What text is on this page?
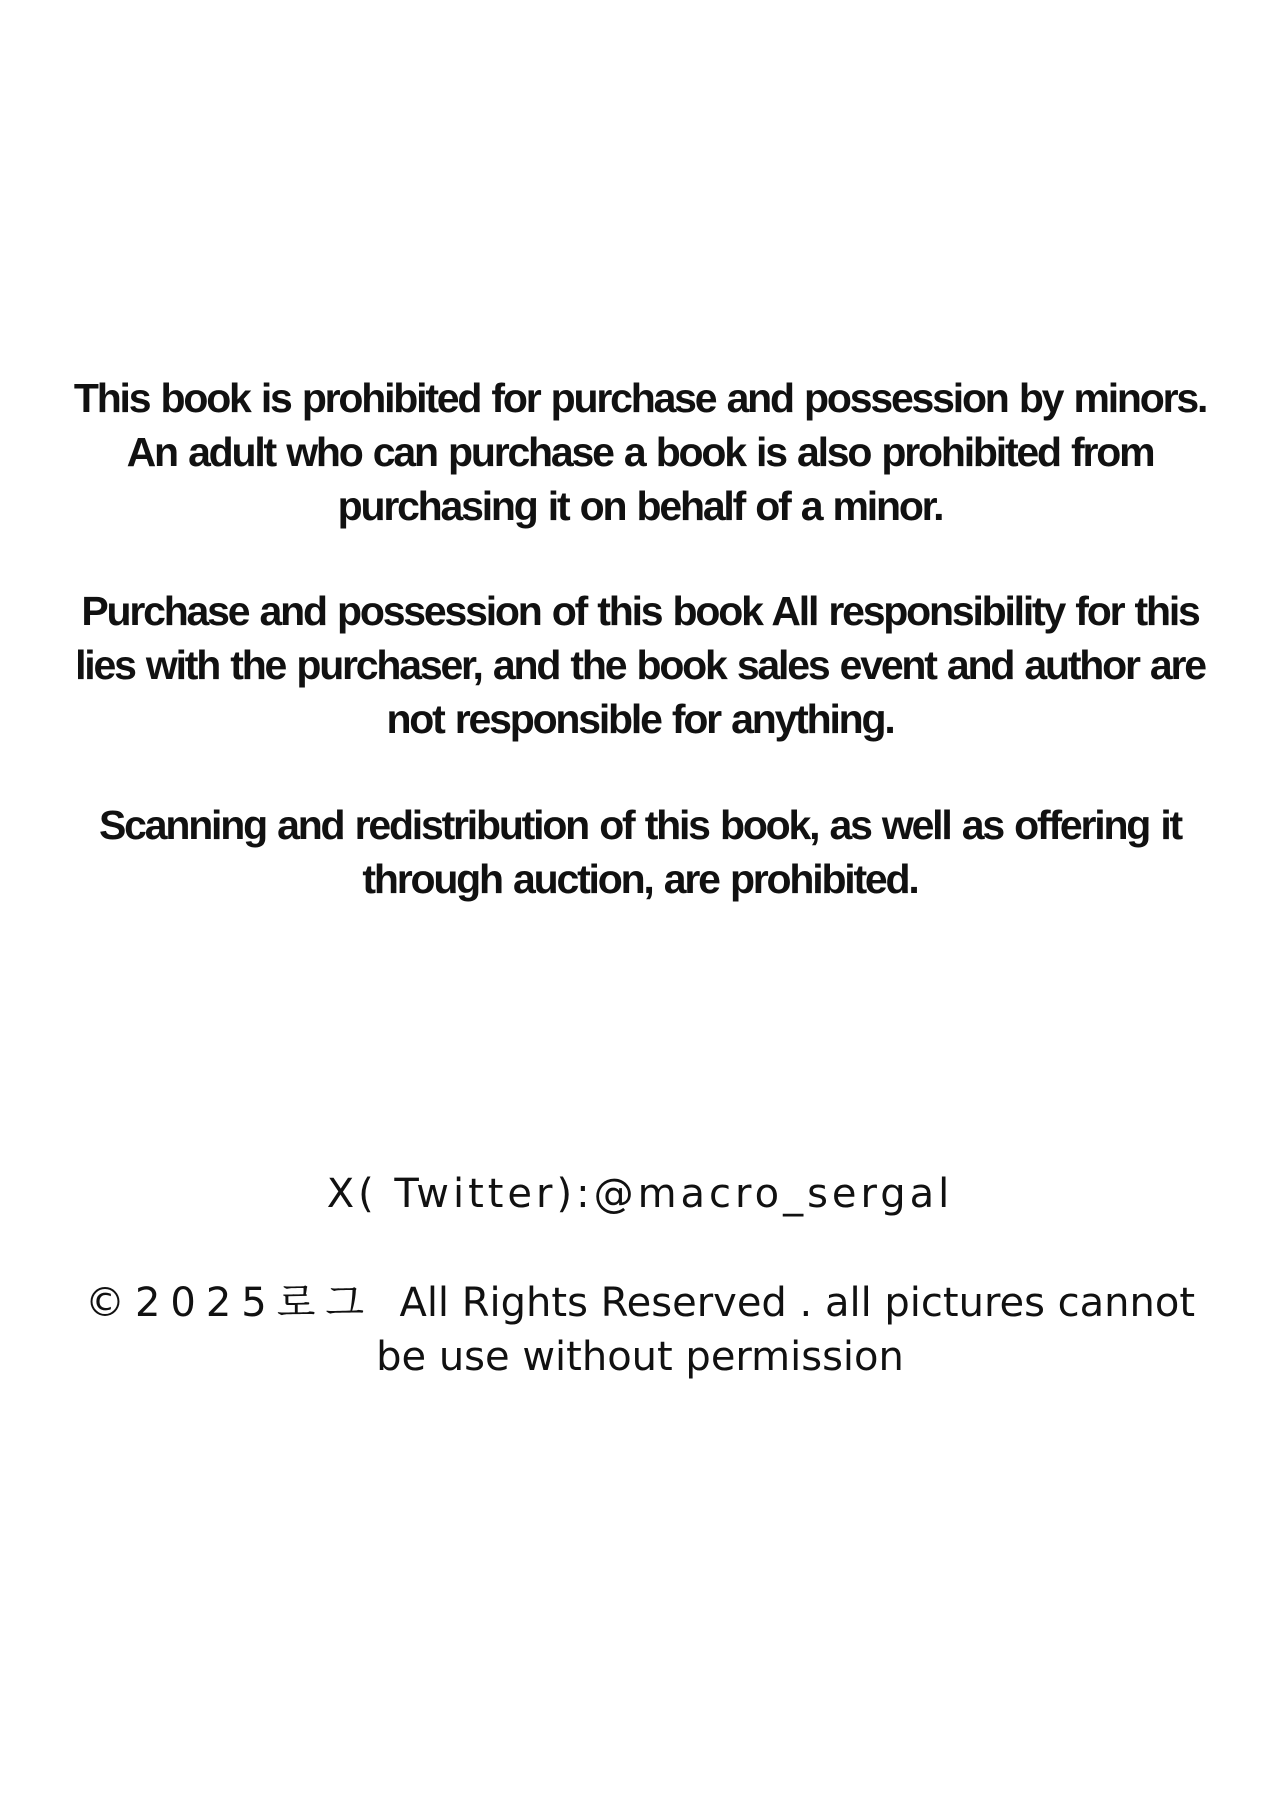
This book is prohibited for purchase and possession by minors.
An adult who can purchase a book is also prohibited from
purchasing it on behalf of a minor.

Purchase and possession of this book All responsibility for this
lies with the purchaser, and the book sales event and author are
not responsible for anything.

Scanning and redistribution of this book, as well as offering it
through auction, are prohibited.

X( Twitter):@macro_sergal

©2025로그 All Rights Reserved . all pictures cannot
be use without permission
